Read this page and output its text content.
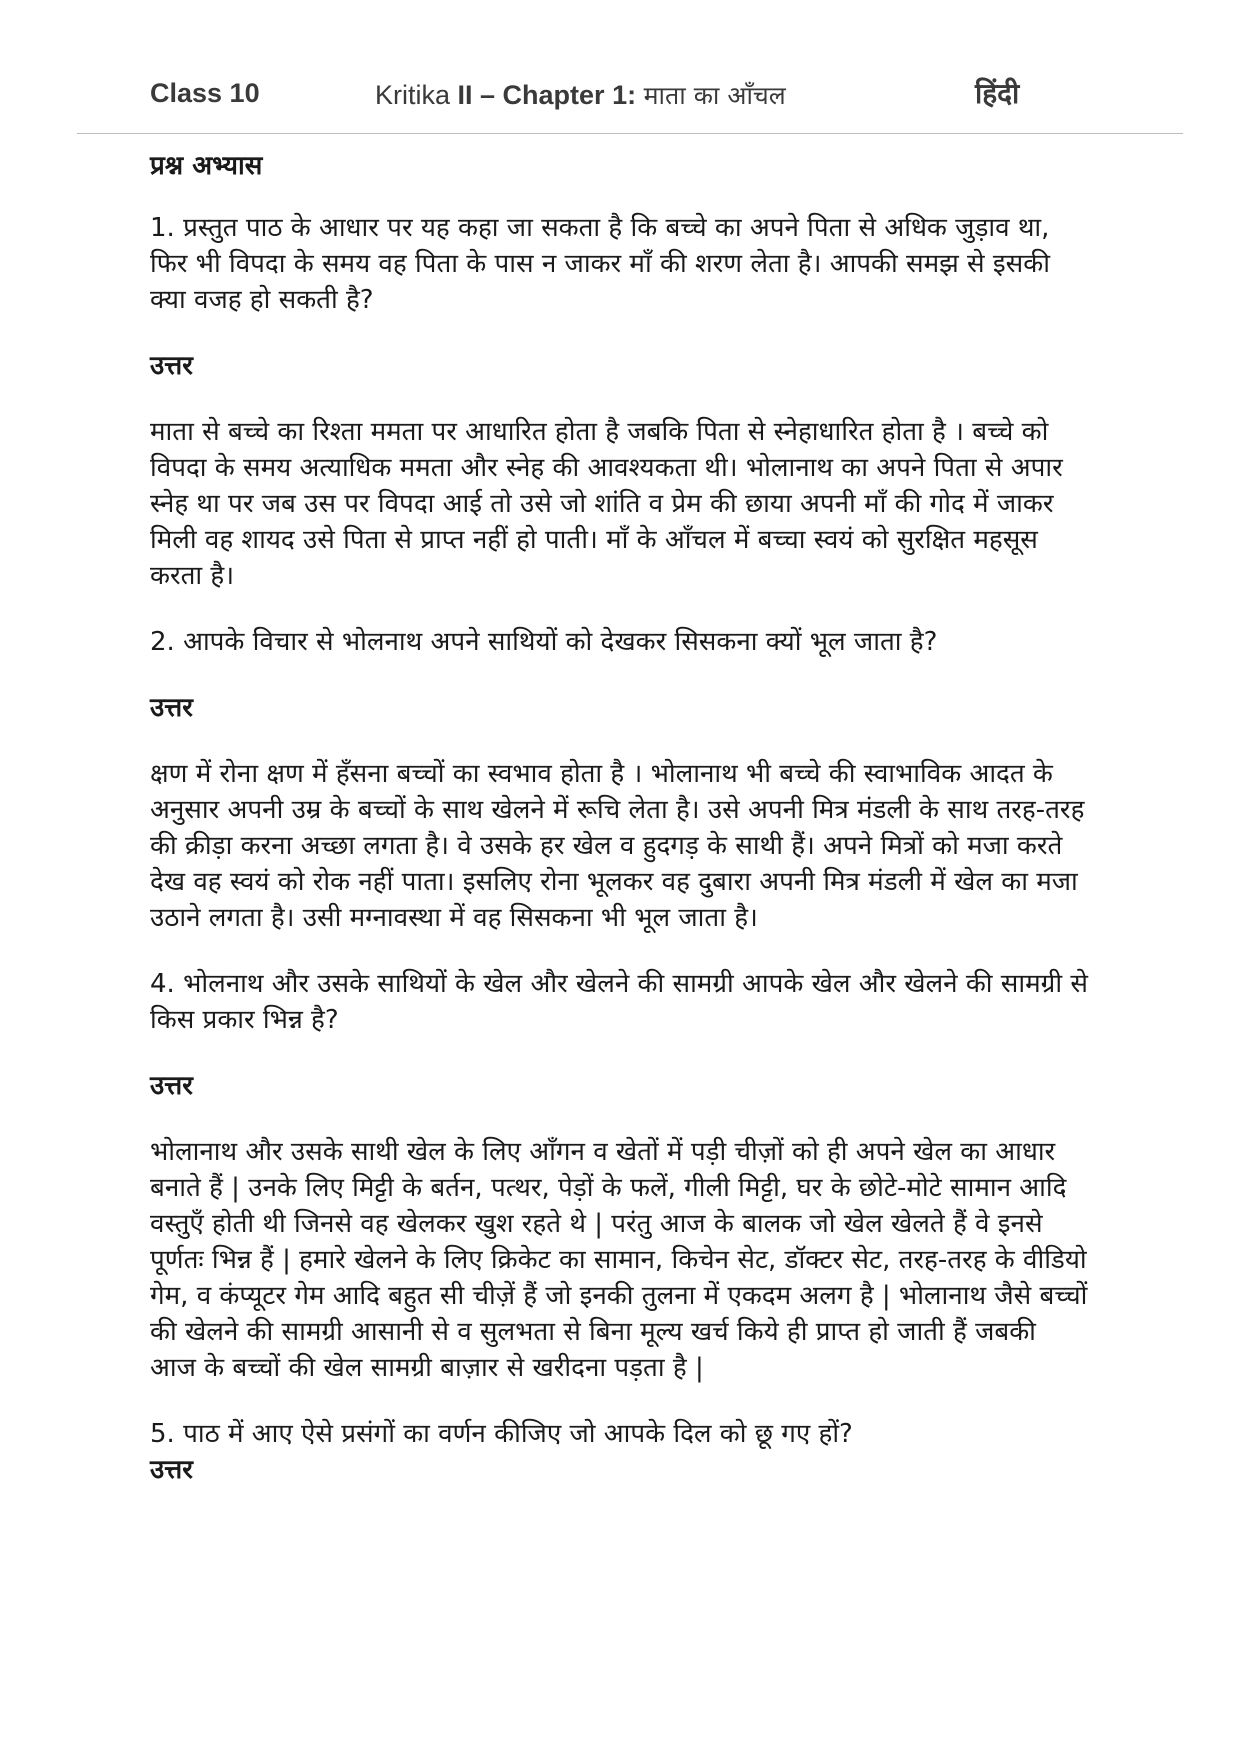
Class 10	Kritika II – Chapter 1: माता का आँचल	हिंदी

प्रश्न अभ्यास

1. प्रस्तुत पाठ के आधार पर यह कहा जा सकता है कि बच्चे का अपने पिता से अधिक जुड़ाव था, फिर भी विपदा के समय वह पिता के पास न जाकर माँ की शरण लेता है। आपकी समझ से इसकी क्या वजह हो सकती है?

उत्तर

माता से बच्चे का रिश्ता ममता पर आधारित होता है जबकि पिता से स्नेहाधारित होता है । बच्चे को विपदा के समय अत्याधिक ममता और स्नेह की आवश्यकता थी। भोलानाथ का अपने पिता से अपार स्नेह था पर जब उस पर विपदा आई तो उसे जो शांति व प्रेम की छाया अपनी माँ की गोद में जाकर मिली वह शायद उसे पिता से प्राप्त नहीं हो पाती। माँ के आँचल में बच्चा स्वयं को सुरक्षित महसूस करता है।

2. आपके विचार से भोलनाथ अपने साथियों को देखकर सिसकना क्यों भूल जाता है?

उत्तर

क्षण में रोना क्षण में हँसना बच्चों का स्वभाव होता है । भोलानाथ भी बच्चे की स्वाभाविक आदत के अनुसार अपनी उम्र के बच्चों के साथ खेलने में रूचि लेता है। उसे अपनी मित्र मंडली के साथ तरह-तरह की क्रीड़ा करना अच्छा लगता है। वे उसके हर खेल व हुदगड़ के साथी हैं। अपने मित्रों को मजा करते देख वह स्वयं को रोक नहीं पाता। इसलिए रोना भूलकर वह दुबारा अपनी मित्र मंडली में खेल का मजा उठाने लगता है। उसी मग्नावस्था में वह सिसकना भी भूल जाता है।

4. भोलनाथ और उसके साथियों के खेल और खेलने की सामग्री आपके खेल और खेलने की सामग्री से किस प्रकार भिन्न है?

उत्तर

भोलानाथ और उसके साथी खेल के लिए आँगन व खेतों में पड़ी चीज़ों को ही अपने खेल का आधार बनाते हैं | उनके लिए मिट्टी के बर्तन, पत्थर, पेड़ों के फलें, गीली मिट्टी, घर के छोटे-मोटे सामान आदि वस्तुएँ होती थी जिनसे वह खेलकर खुश रहते थे | परंतु आज के बालक जो खेल खेलते हैं वे इनसे पूर्णतः भिन्न हैं | हमारे खेलने के लिए क्रिकेट का सामान, किचेन सेट, डॉक्टर सेट, तरह-तरह के वीडियो गेम, व कंप्यूटर गेम आदि बहुत सी चीज़ें हैं जो इनकी तुलना में एकदम अलग है | भोलानाथ जैसे बच्चों की खेलने की सामग्री आसानी से व सुलभता से बिना मूल्य खर्च किये ही प्राप्त हो जाती हैं जबकी आज के बच्चों की खेल सामग्री बाज़ार से खरीदना पड़ता है |

5. पाठ में आए ऐसे प्रसंगों का वर्णन कीजिए जो आपके दिल को छू गए हों?

उत्तर
